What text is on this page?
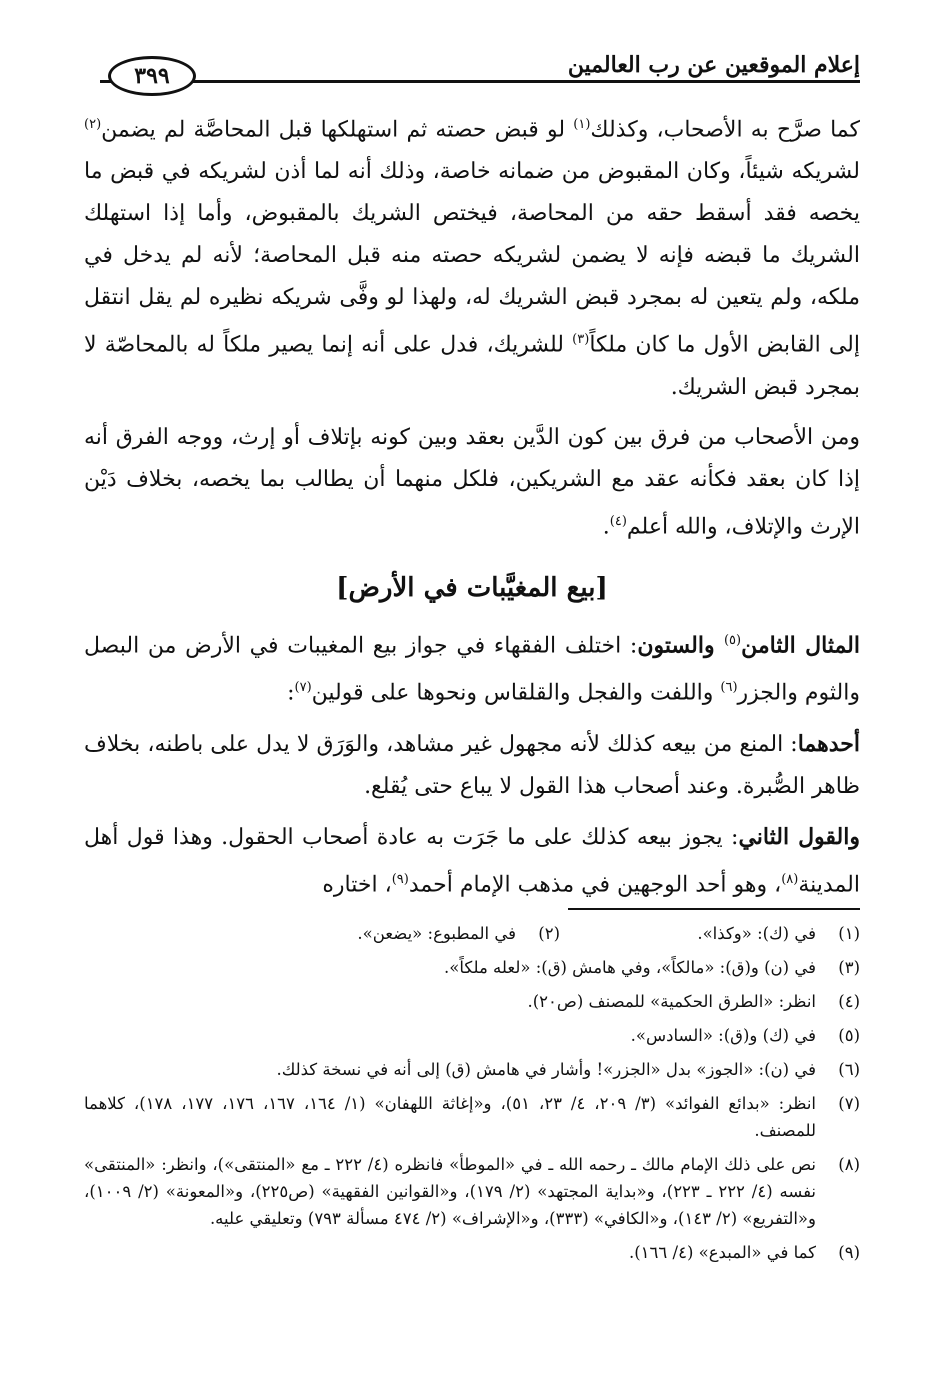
إعلام الموقعين عن رب العالمين
٣٩٩

كما صرَّح به الأصحاب، وكذلك$^{(١)}$ لو قبض حصته ثم استهلكها قبل المحاصَّة لم يضمن$^{(٢)}$ لشريكه شيئاً، وكان المقبوض من ضمانه خاصة، وذلك أنه لما أذن لشريكه في قبض ما يخصه فقد أسقط حقه من المحاصة، فيختص الشريك بالمقبوض، وأما إذا استهلك الشريك ما قبضه فإنه لا يضمن لشريكه حصته منه قبل المحاصة؛ لأنه لم يدخل في ملكه، ولم يتعين له بمجرد قبض الشريك له، ولهذا لو وفَّى شريكه نظيره لم يقل انتقل إلى القابض الأول ما كان ملكاً$^{(٣)}$ للشريك، فدل على أنه إنما يصير ملكاً له بالمحاصّة لا بمجرد قبض الشريك.

ومن الأصحاب من فرق بين كون الدَّين بعقد وبين كونه بإتلاف أو إرث، ووجه الفرق أنه إذا كان بعقد فكأنه عقد مع الشريكين، فلكل منهما أن يطالب بما يخصه، بخلاف دَيْن الإرث والإتلاف، والله أعلم$^{(٤)}$.

[بيع المغيَّبات في الأرض]

المثال الثامن$^{(٥)}$ والستون: اختلف الفقهاء في جواز بيع المغيبات في الأرض من البصل والثوم والجزر$^{(٦)}$ واللفت والفجل والقلقاس ونحوها على قولين$^{(٧)}$:

أحدهما: المنع من بيعه كذلك لأنه مجهول غير مشاهد، والوَرَق لا يدل على باطنه، بخلاف ظاهر الصُّبرة. وعند أصحاب هذا القول لا يباع حتى يُقلع.

والقول الثاني: يجوز بيعه كذلك على ما جَرَت به عادة أصحاب الحقول. وهذا قول أهل المدينة$^{(٨)}$، وهو أحد الوجهين في مذهب الإمام أحمد$^{(٩)}$، اختاره

(١)
في (ك): «وكذا».
(٢)
في المطبوع: «يضعن».
(٣)
في (ن) و(ق): «مالكاً»، وفي هامش (ق): «لعله ملكاً».
(٤)
انظر: «الطرق الحكمية» للمصنف (ص٢٠).
(٥)
في (ك) و(ق): «السادس».
(٦)
في (ن): «الجوز» بدل «الجزر»! وأشار في هامش (ق) إلى أنه في نسخة كذلك.
(٧)
انظر: «بدائع الفوائد» (٣/ ٢٠٩، ٤/ ٢٣، ٥١)، و«إغاثة اللهفان» (١/ ١٦٤، ١٦٧، ١٧٦، ١٧٧، ١٧٨)، كلاهما للمصنف.
(٨)
نص على ذلك الإمام مالك ـ رحمه الله ـ في «الموطأ» فانظره (٤/ ٢٢٢ ـ مع «المنتقى»)، وانظر: «المنتقى» نفسه (٤/ ٢٢٢ ـ ٢٢٣)، و«بداية المجتهد» (٢/ ١٧٩)، و«القوانين الفقهية» (ص٢٢٥)، و«المعونة» (٢/ ١٠٠٩)، و«التفريع» (٢/ ١٤٣)، و«الكافي» (٣٣٣)، و«الإشراف» (٢/ ٤٧٤ مسألة ٧٩٣) وتعليقي عليه.
(٩)
كما في «المبدع» (٤/ ١٦٦).
